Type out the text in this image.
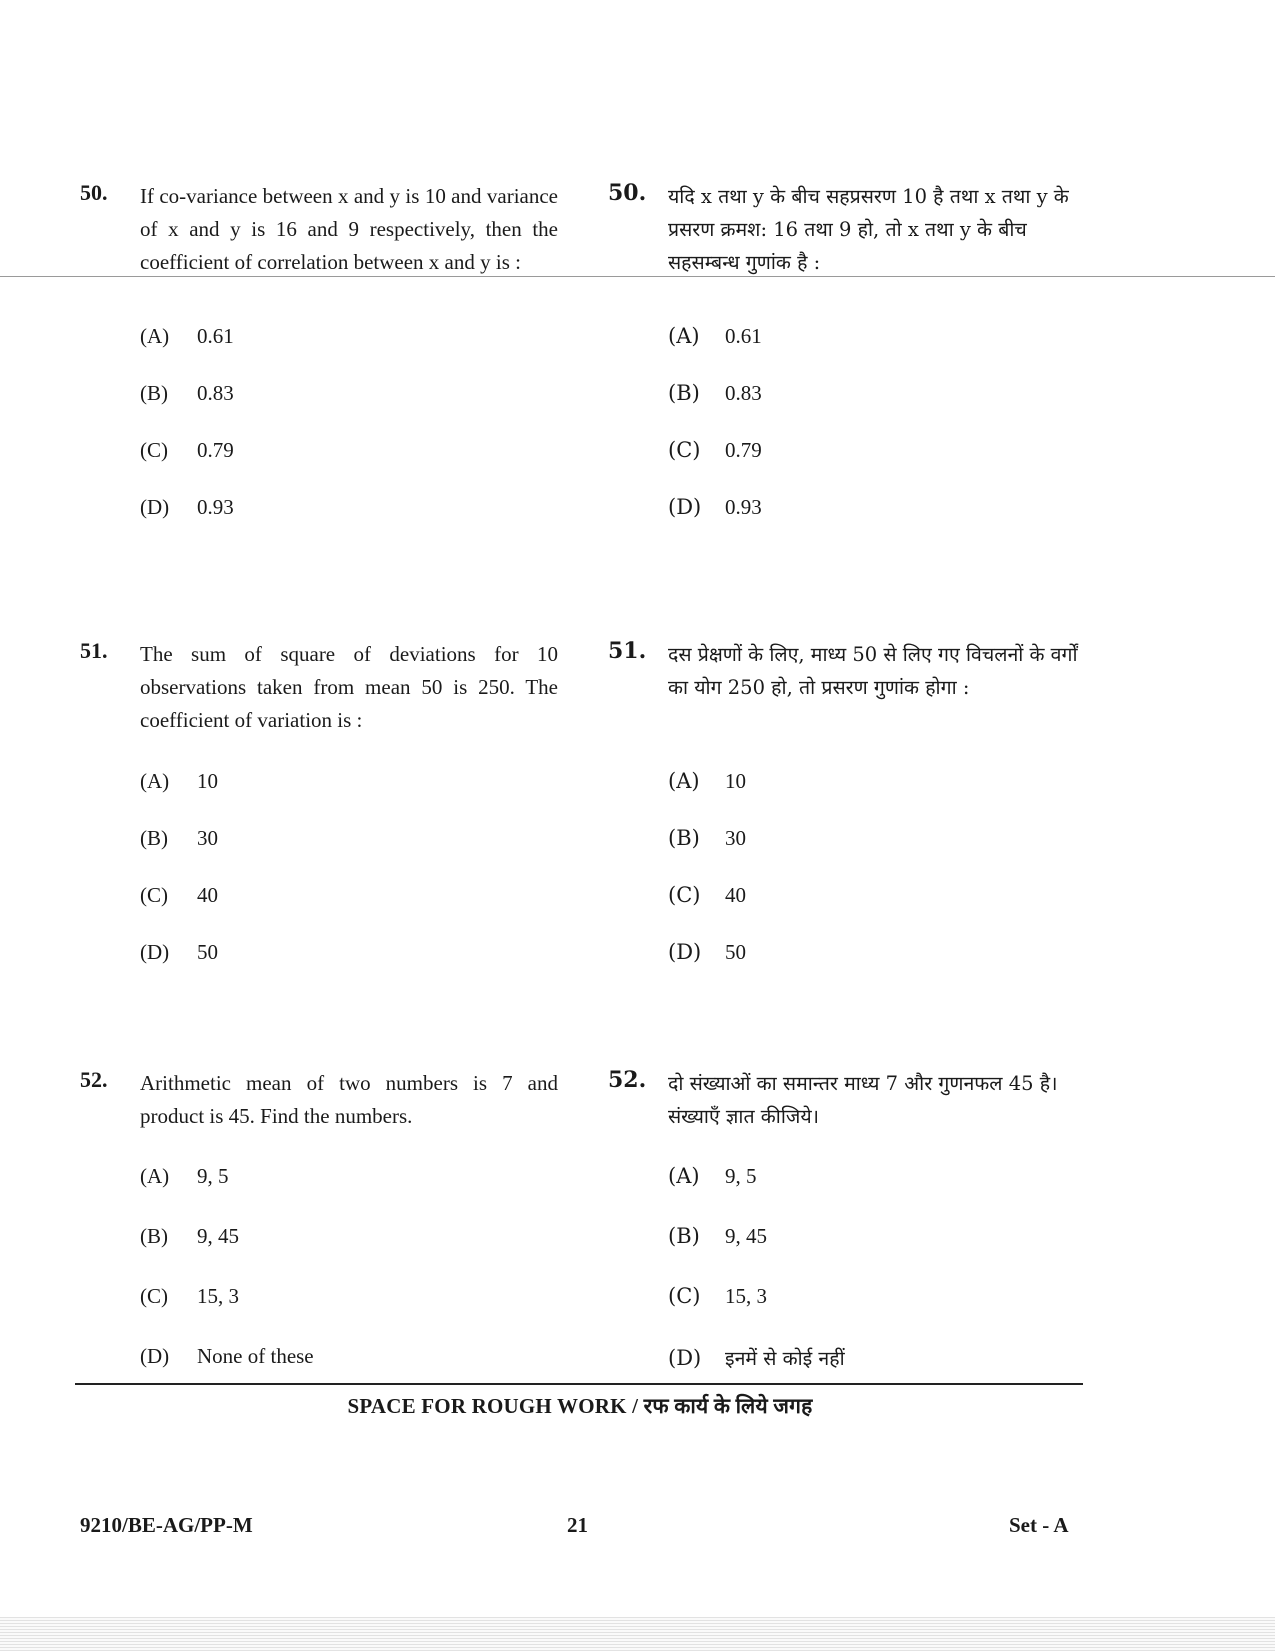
50. If co-variance between x and y is 10 and variance of x and y is 16 and 9 respectively, then the coefficient of correlation between x and y is :
(A) 0.61
(B) 0.83
(C) 0.79
(D) 0.93
50. यदि x तथा y के बीच सहप्रसरण 10 है तथा x तथा y के प्रसरण क्रमश: 16 तथा 9 हो, तो x तथा y के बीच सहसम्बन्ध गुणांक है :
(A) 0.61
(B) 0.83
(C) 0.79
(D) 0.93
51. The sum of square of deviations for 10 observations taken from mean 50 is 250. The coefficient of variation is :
(A) 10
(B) 30
(C) 40
(D) 50
51. दस प्रेक्षणों के लिए, माध्य 50 से लिए गए विचलनों के वर्गों का योग 250 हो, तो प्रसरण गुणांक होगा :
(A) 10
(B) 30
(C) 40
(D) 50
52. Arithmetic mean of two numbers is 7 and product is 45. Find the numbers.
(A) 9, 5
(B) 9, 45
(C) 15, 3
(D) None of these
52. दो संख्याओं का समान्तर माध्य 7 और गुणनफल 45 है। संख्याएँ ज्ञात कीजिये।
(A) 9, 5
(B) 9, 45
(C) 15, 3
(D) इनमें से कोई नहीं
SPACE FOR ROUGH WORK / रफ कार्य के लिये जगह
9210/BE-AG/PP-M	21	Set - A
